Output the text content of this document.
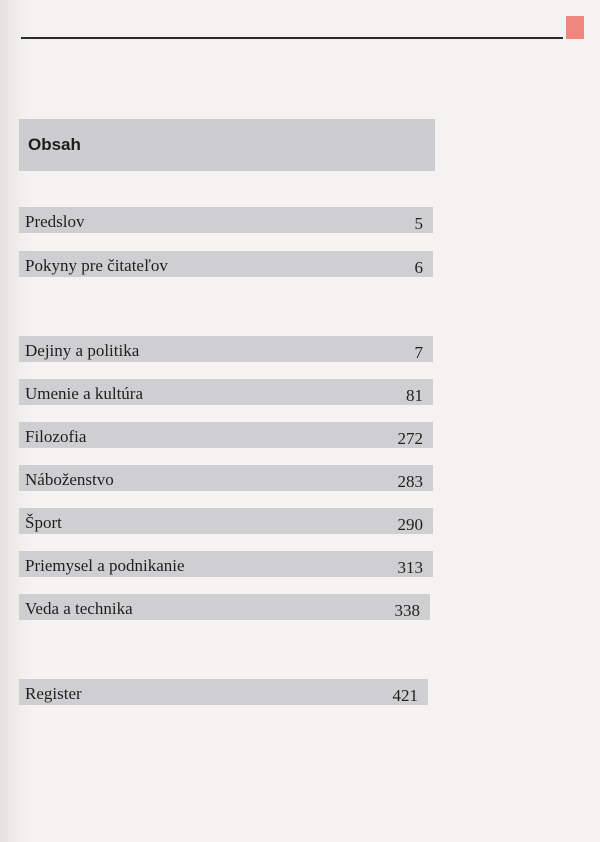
Obsah
Predslov	5
Pokyny pre čitateľov	6
Dejiny a politika	7
Umenie a kultúra	81
Filozofia	272
Náboženstvo	283
Šport	290
Priemysel a podnikanie	313
Veda a technika	338
Register	421
